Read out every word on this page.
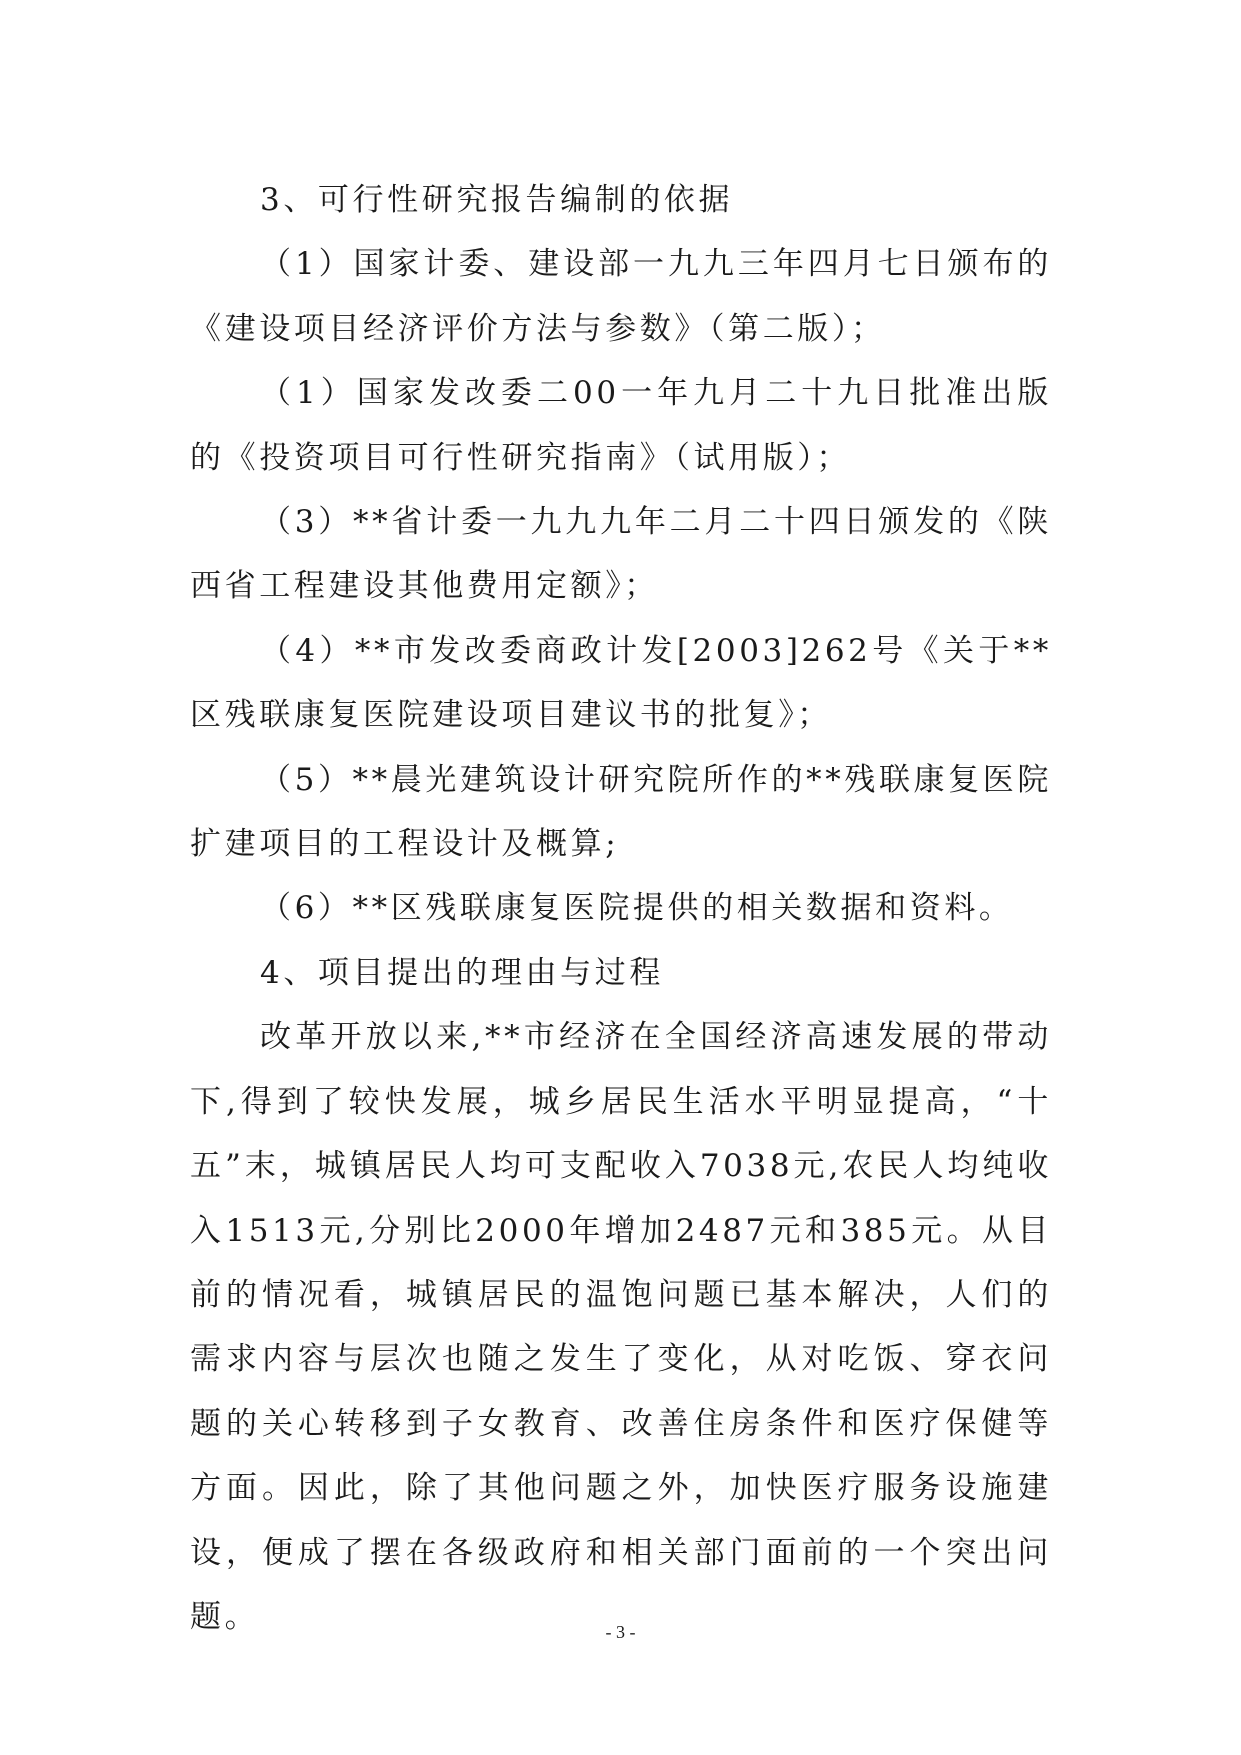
3、可行性研究报告编制的依据

（1）国家计委、建设部一九九三年四月七日颁布的《建设项目经济评价方法与参数》（第二版）；

（1）国家发改委二00一年九月二十九日批准出版的《投资项目可行性研究指南》（试用版）；

（3）**省计委一九九九年二月二十四日颁发的《陕西省工程建设其他费用定额》；

（4）**市发改委商政计发[2003]262号《关于**区残联康复医院建设项目建议书的批复》；

（5）**晨光建筑设计研究院所作的**残联康复医院扩建项目的工程设计及概算;

（6）**区残联康复医院提供的相关数据和资料。

4、项目提出的理由与过程

改革开放以来,**市经济在全国经济高速发展的带动下,得到了较快发展，城乡居民生活水平明显提高，“十五”末，城镇居民人均可支配收入7038元,农民人均纯收入1513元,分别比2000年增加2487元和385元。从目前的情况看，城镇居民的温饱问题已基本解决，人们的需求内容与层次也随之发生了变化，从对吃饭、穿衣问题的关心转移到子女教育、改善住房条件和医疗保健等方面。因此，除了其他问题之外，加快医疗服务设施建设，便成了摆在各级政府和相关部门面前的一个突出问题。	- 3 -
